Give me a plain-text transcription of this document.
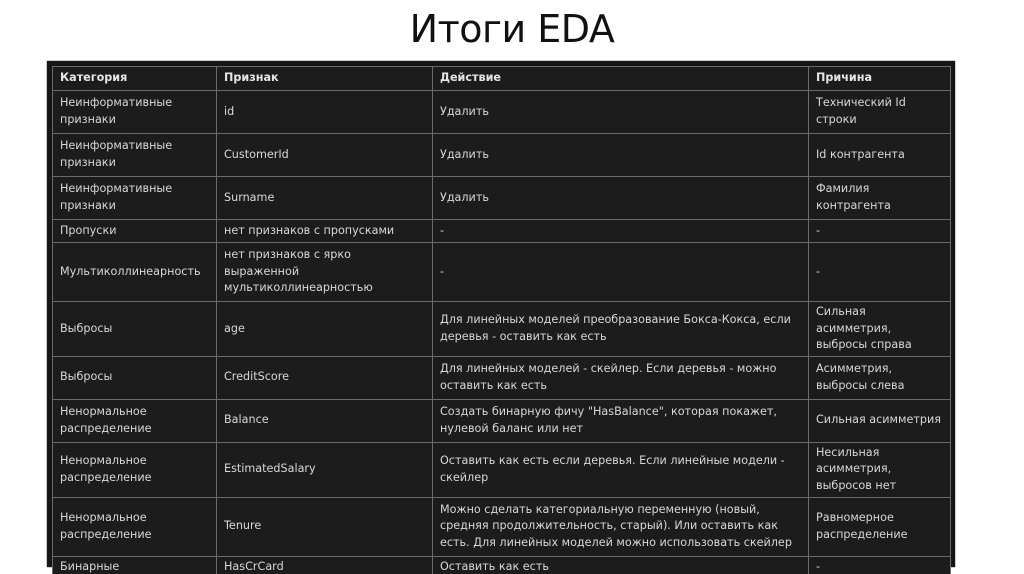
Итоги EDA
Категория	Признак	Действие	Причина
Неинформативные признаки	id	Удалить	Технический Id строки
Неинформативные признаки	CustomerId	Удалить	Id контрагента
Неинформативные признаки	Surname	Удалить	Фамилия контрагента
Пропуски	нет признаков с пропусками	-	-
Мультиколлинеарность	нет признаков с ярко выраженной мультиколлинеарностью	-	-
Выбросы	age	Для линейных моделей преобразование Бокса-Кокса, если деревья - оставить как есть	Сильная асимметрия, выбросы справа
Выбросы	CreditScore	Для линейных моделей - скейлер. Если деревья - можно оставить как есть	Асимметрия, выбросы слева
Ненормальное распределение	Balance	Создать бинарную фичу "HasBalance", которая покажет, нулевой баланс или нет	Сильная асимметрия
Ненормальное распределение	EstimatedSalary	Оставить как есть если деревья. Если линейные модели - скейлер	Несильная асимметрия, выбросов нет
Ненормальное распределение	Tenure	Можно сделать категориальную переменную (новый, средняя продолжительность, старый). Или оставить как есть. Для линейных моделей можно использовать скейлер	Равномерное распределение
Бинарные	HasCrCard	Оставить как есть	-
